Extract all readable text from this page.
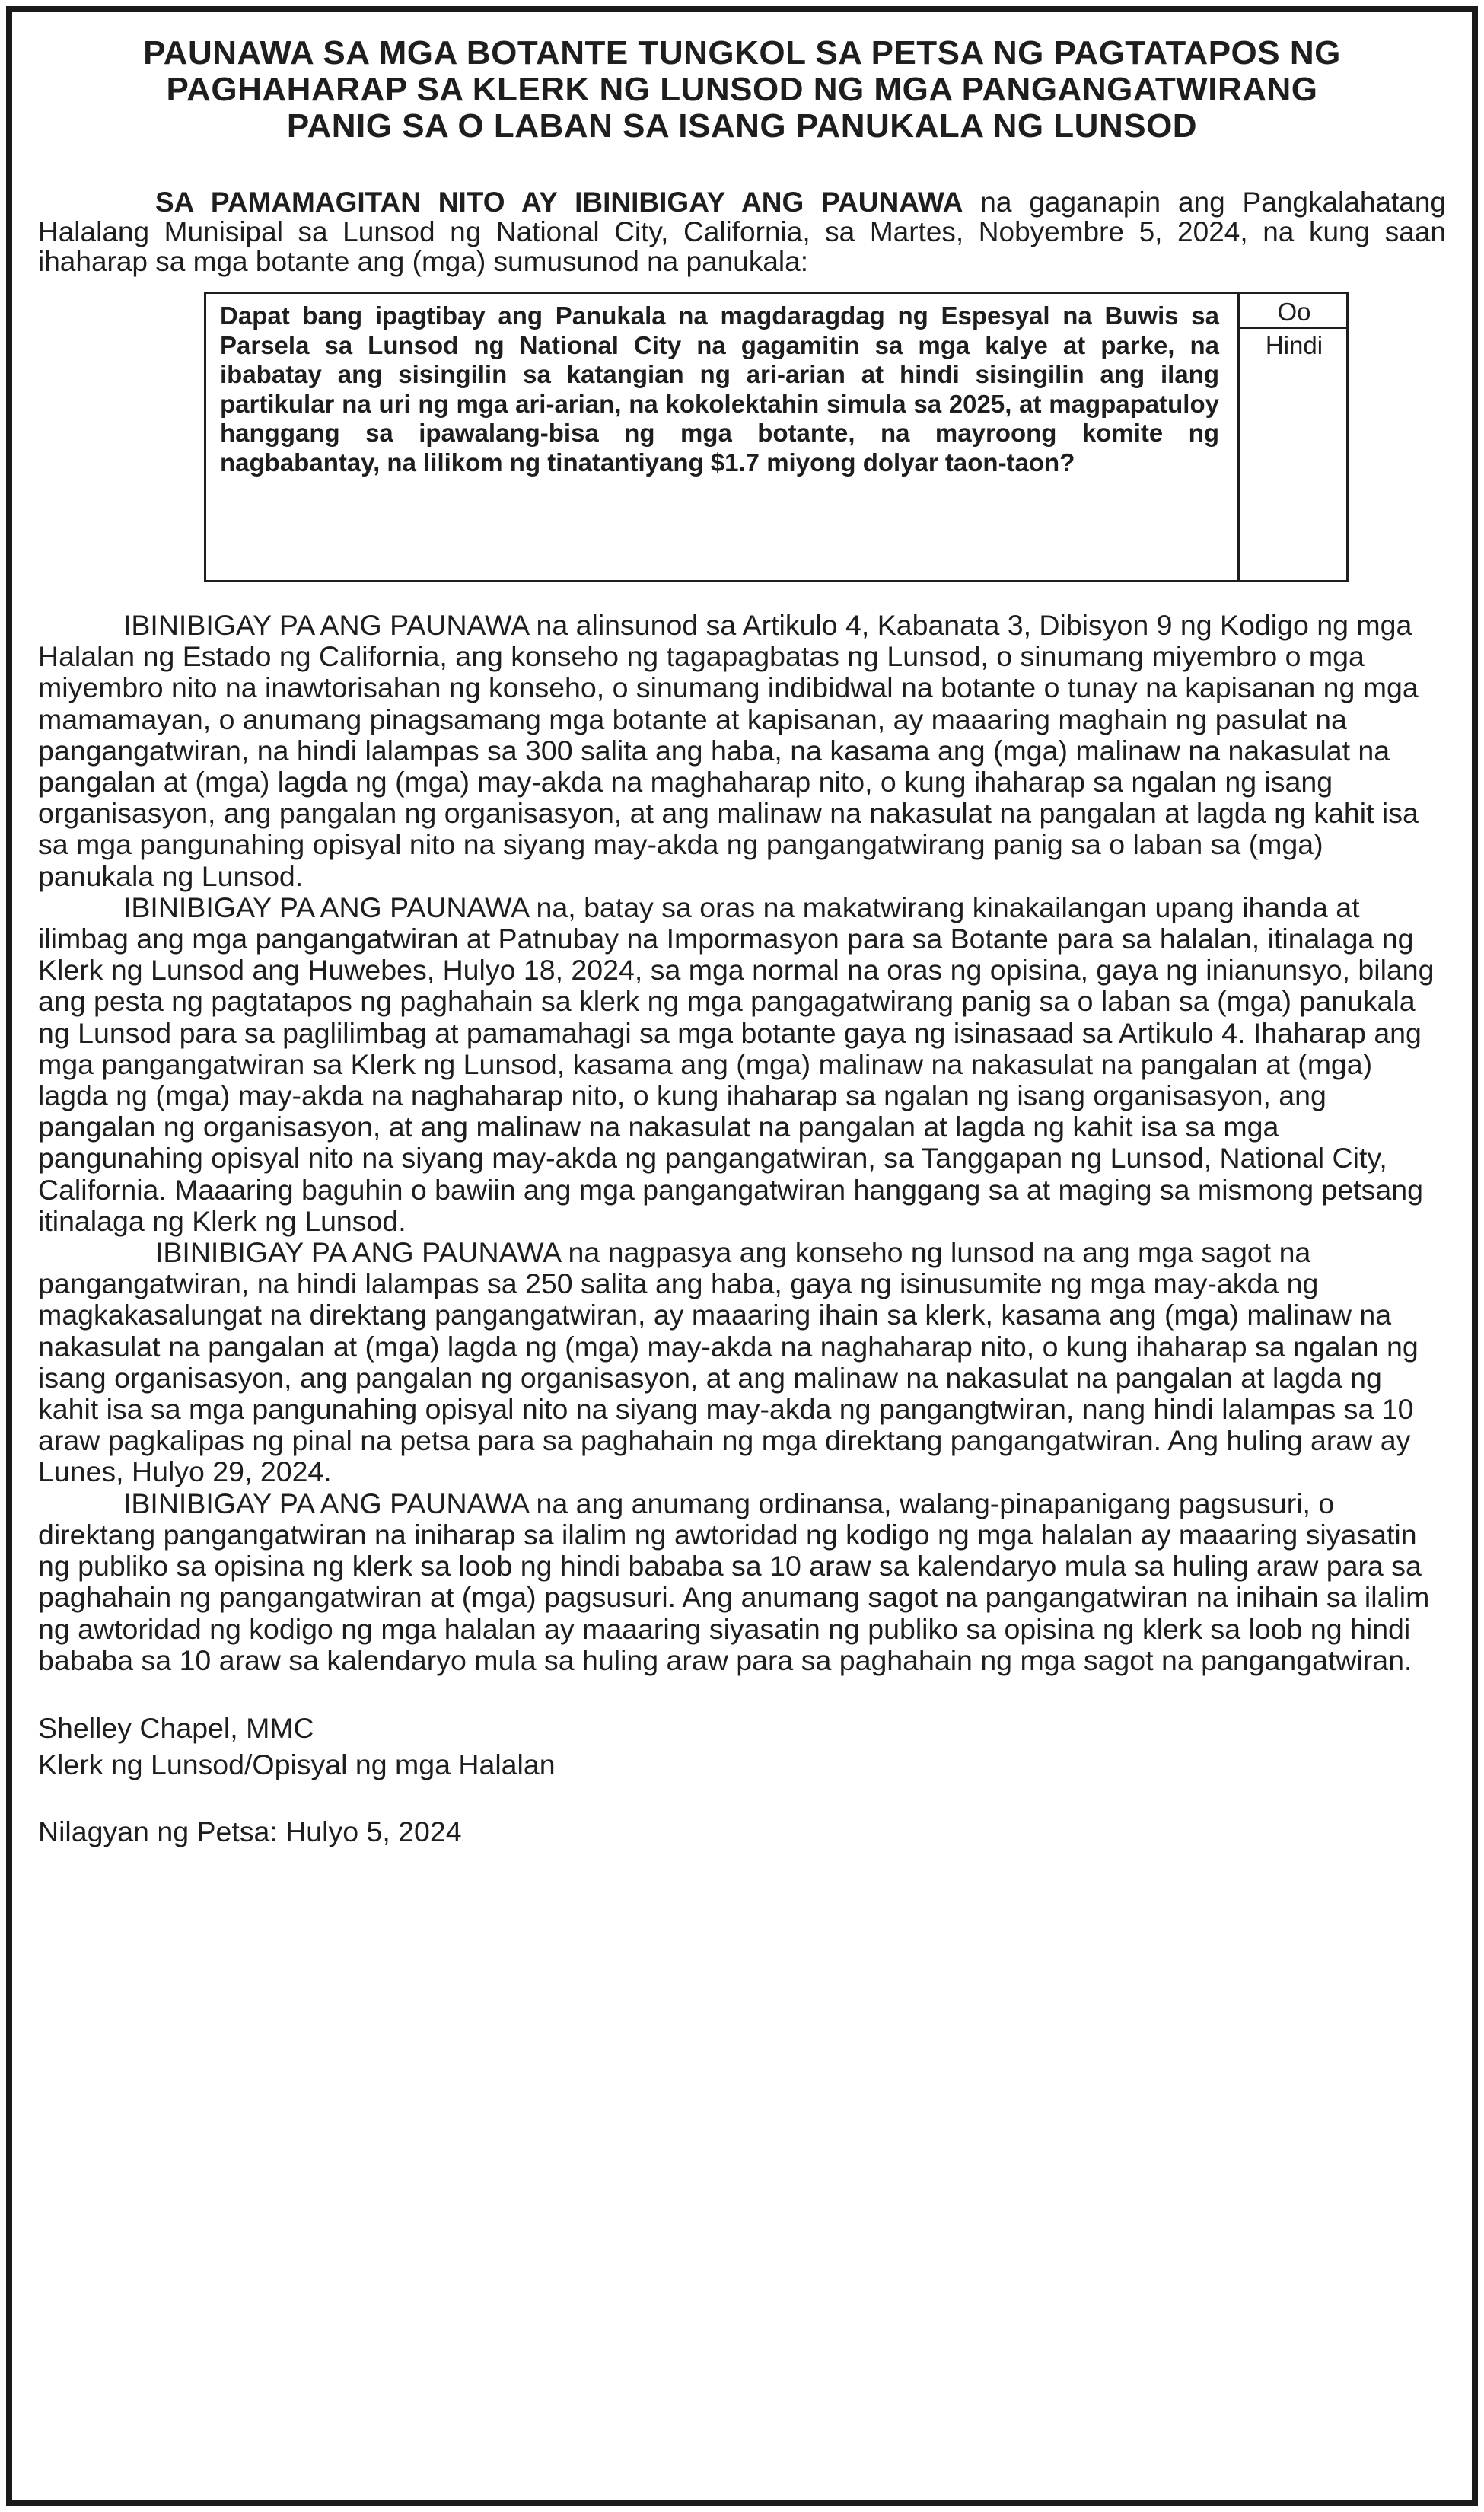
PAUNAWA SA MGA BOTANTE TUNGKOL SA PETSA NG PAGTATAPOS NG
PAGHAHARAP SA KLERK NG LUNSOD NG MGA PANGANGATWIRANG
PANIG SA O LABAN SA ISANG PANUKALA NG LUNSOD

SA PAMAMAGITAN NITO AY IBINIBIGAY ANG PAUNAWA na gaganapin ang Pangkalahatang Halalang Munisipal sa Lunsod ng National City, California, sa Martes, Nobyembre 5, 2024, na kung saan ihaharap sa mga botante ang (mga) sumusunod na panukala:

Dapat bang ipagtibay ang Panukala na magdaragdag ng Espesyal na Buwis sa Parsela sa Lunsod ng National City na gagamitin sa mga kalye at parke, na ibabatay ang sisingilin sa katangian ng ari-arian at hindi sisingilin ang ilang partikular na uri ng mga ari-arian, na kokolektahin simula sa 2025, at magpapatuloy hanggang sa ipawalang-bisa ng mga botante, na mayroong komite ng nagbabantay, na lilikom ng tinatantiyang $1.7 miyong dolyar taon-taon?
Oo
Hindi

IBINIBIGAY PA ANG PAUNAWA na alinsunod sa Artikulo 4, Kabanata 3, Dibisyon 9 ng Kodigo ng mga Halalan ng Estado ng California, ang konseho ng tagapagbatas ng Lunsod, o sinumang miyembro o mga miyembro nito na inawtorisahan ng konseho, o sinumang indibidwal na botante o tunay na kapisanan ng mga mamamayan, o anumang pinagsamang mga botante at kapisanan, ay maaaring maghain ng pasulat na pangangatwiran, na hindi lalampas sa 300 salita ang haba, na kasama ang (mga) malinaw na nakasulat na pangalan at (mga) lagda ng (mga) may-akda na maghaharap nito, o kung ihaharap sa ngalan ng isang organisasyon, ang pangalan ng organisasyon, at ang malinaw na nakasulat na pangalan at lagda ng kahit isa sa mga pangunahing opisyal nito na siyang may-akda ng pangangatwirang panig sa o laban sa (mga) panukala ng Lunsod.

IBINIBIGAY PA ANG PAUNAWA na, batay sa oras na makatwirang kinakailangan upang ihanda at ilimbag ang mga pangangatwiran at Patnubay na Impormasyon para sa Botante para sa halalan, itinalaga ng Klerk ng Lunsod ang Huwebes, Hulyo 18, 2024, sa mga normal na oras ng opisina, gaya ng inianunsyo, bilang ang pesta ng pagtatapos ng paghahain sa klerk ng mga pangagatwirang panig sa o laban sa (mga) panukala ng Lunsod para sa paglilimbag at pamamahagi sa mga botante gaya ng isinasaad sa Artikulo 4. Ihaharap ang mga pangangatwiran sa Klerk ng Lunsod, kasama ang (mga) malinaw na nakasulat na pangalan at (mga) lagda ng (mga) may-akda na naghaharap nito, o kung ihaharap sa ngalan ng isang organisasyon, ang pangalan ng organisasyon, at ang malinaw na nakasulat na pangalan at lagda ng kahit isa sa mga pangunahing opisyal nito na siyang may-akda ng pangangatwiran, sa Tanggapan ng Lunsod, National City, California. Maaaring baguhin o bawiin ang mga pangangatwiran hanggang sa at maging sa mismong petsang itinalaga ng Klerk ng Lunsod.

IBINIBIGAY PA ANG PAUNAWA na nagpasya ang konseho ng lunsod na ang mga sagot na pangangatwiran, na hindi lalampas sa 250 salita ang haba, gaya ng isinusumite ng mga may-akda ng magkakasalungat na direktang pangangatwiran, ay maaaring ihain sa klerk, kasama ang (mga) malinaw na nakasulat na pangalan at (mga) lagda ng (mga) may-akda na naghaharap nito, o kung ihaharap sa ngalan ng isang organisasyon, ang pangalan ng organisasyon, at ang malinaw na nakasulat na pangalan at lagda ng kahit isa sa mga pangunahing opisyal nito na siyang may-akda ng pangangtwiran, nang hindi lalampas sa 10 araw pagkalipas ng pinal na petsa para sa paghahain ng mga direktang pangangatwiran. Ang huling araw ay Lunes, Hulyo 29, 2024.

IBINIBIGAY PA ANG PAUNAWA na ang anumang ordinansa, walang-pinapanigang pagsusuri, o direktang pangangatwiran na iniharap sa ilalim ng awtoridad ng kodigo ng mga halalan ay maaaring siyasatin ng publiko sa opisina ng klerk sa loob ng hindi bababa sa 10 araw sa kalendaryo mula sa huling araw para sa paghahain ng pangangatwiran at (mga) pagsusuri. Ang anumang sagot na pangangatwiran na inihain sa ilalim ng awtoridad ng kodigo ng mga halalan ay maaaring siyasatin ng publiko sa opisina ng klerk sa loob ng hindi bababa sa 10 araw sa kalendaryo mula sa huling araw para sa paghahain ng mga sagot na pangangatwiran.

Shelley Chapel, MMC
Klerk ng Lunsod/Opisyal ng mga Halalan
Nilagyan ng Petsa: Hulyo 5, 2024
